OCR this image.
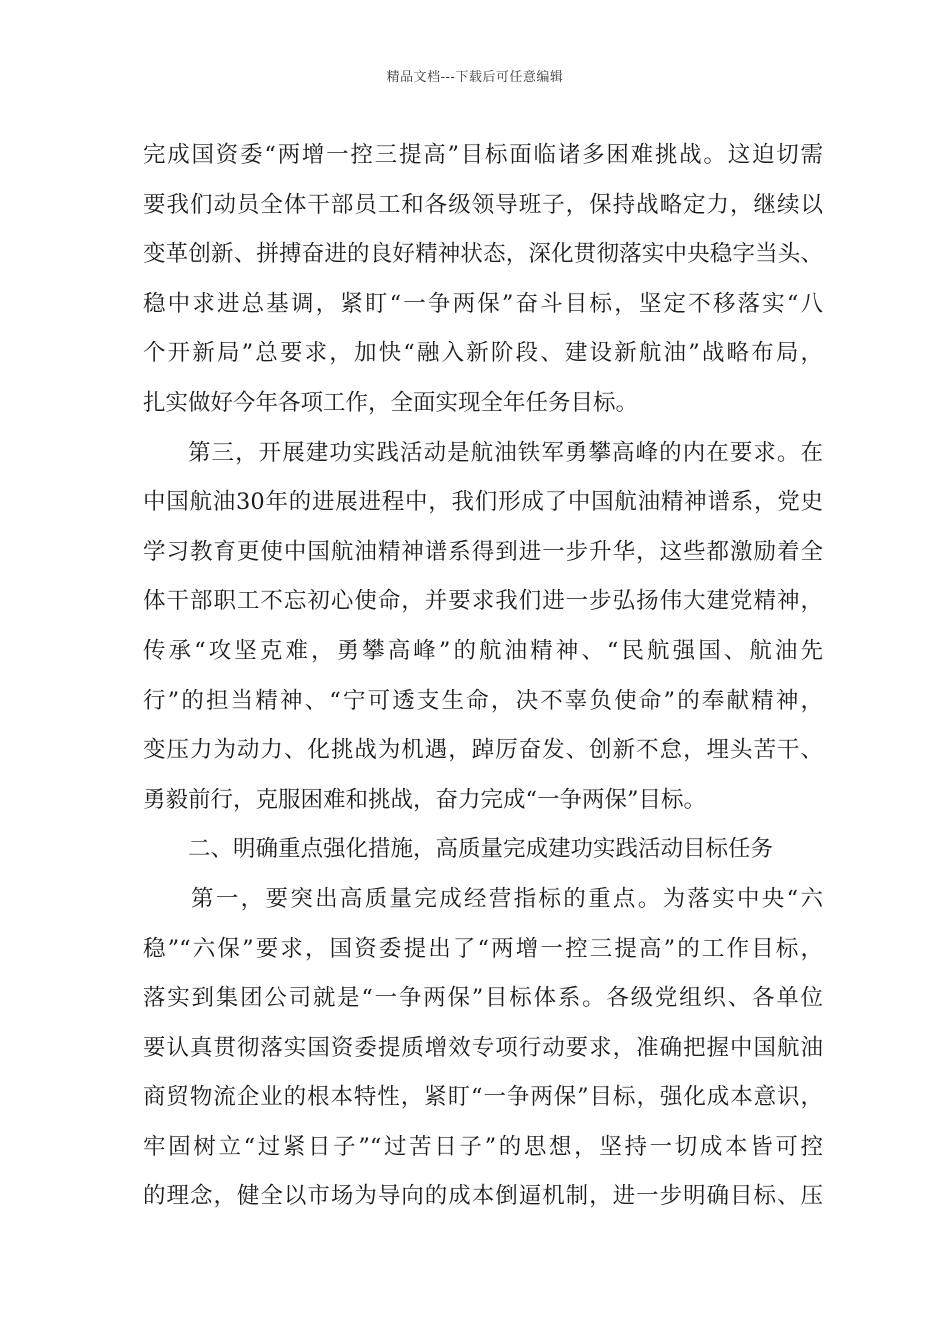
精品文档---下载后可任意编辑
完成国资委“两增一控三提高”目标面临诸多困难挑战。这迫切需
要我们动员全体干部员工和各级领导班子，保持战略定力，继续以
变革创新、拼搏奋进的良好精神状态，深化贯彻落实中央稳字当头、
稳中求进总基调，紧盯“一争两保”奋斗目标，坚定不移落实“八
个开新局”总要求，加快“融入新阶段、建设新航油”战略布局，
扎实做好今年各项工作，全面实现全年任务目标。
第三，开展建功实践活动是航油铁军勇攀高峰的内在要求。在
中国航油30年的进展进程中，我们形成了中国航油精神谱系，党史
学习教育更使中国航油精神谱系得到进一步升华，这些都激励着全
体干部职工不忘初心使命，并要求我们进一步弘扬伟大建党精神，
传承“攻坚克难，勇攀高峰”的航油精神、“民航强国、航油先
行”的担当精神、“宁可透支生命，决不辜负使命”的奉献精神，
变压力为动力、化挑战为机遇，踔厉奋发、创新不怠，埋头苦干、
勇毅前行，克服困难和挑战，奋力完成“一争两保”目标。
二、明确重点强化措施，高质量完成建功实践活动目标任务
第一，要突出高质量完成经营指标的重点。为落实中央“六
稳”“六保”要求，国资委提出了“两增一控三提高”的工作目标，
落实到集团公司就是“一争两保”目标体系。各级党组织、各单位
要认真贯彻落实国资委提质增效专项行动要求，准确把握中国航油
商贸物流企业的根本特性，紧盯“一争两保”目标，强化成本意识，
牢固树立“过紧日子”“过苦日子”的思想，坚持一切成本皆可控
的理念，健全以市场为导向的成本倒逼机制，进一步明确目标、压
